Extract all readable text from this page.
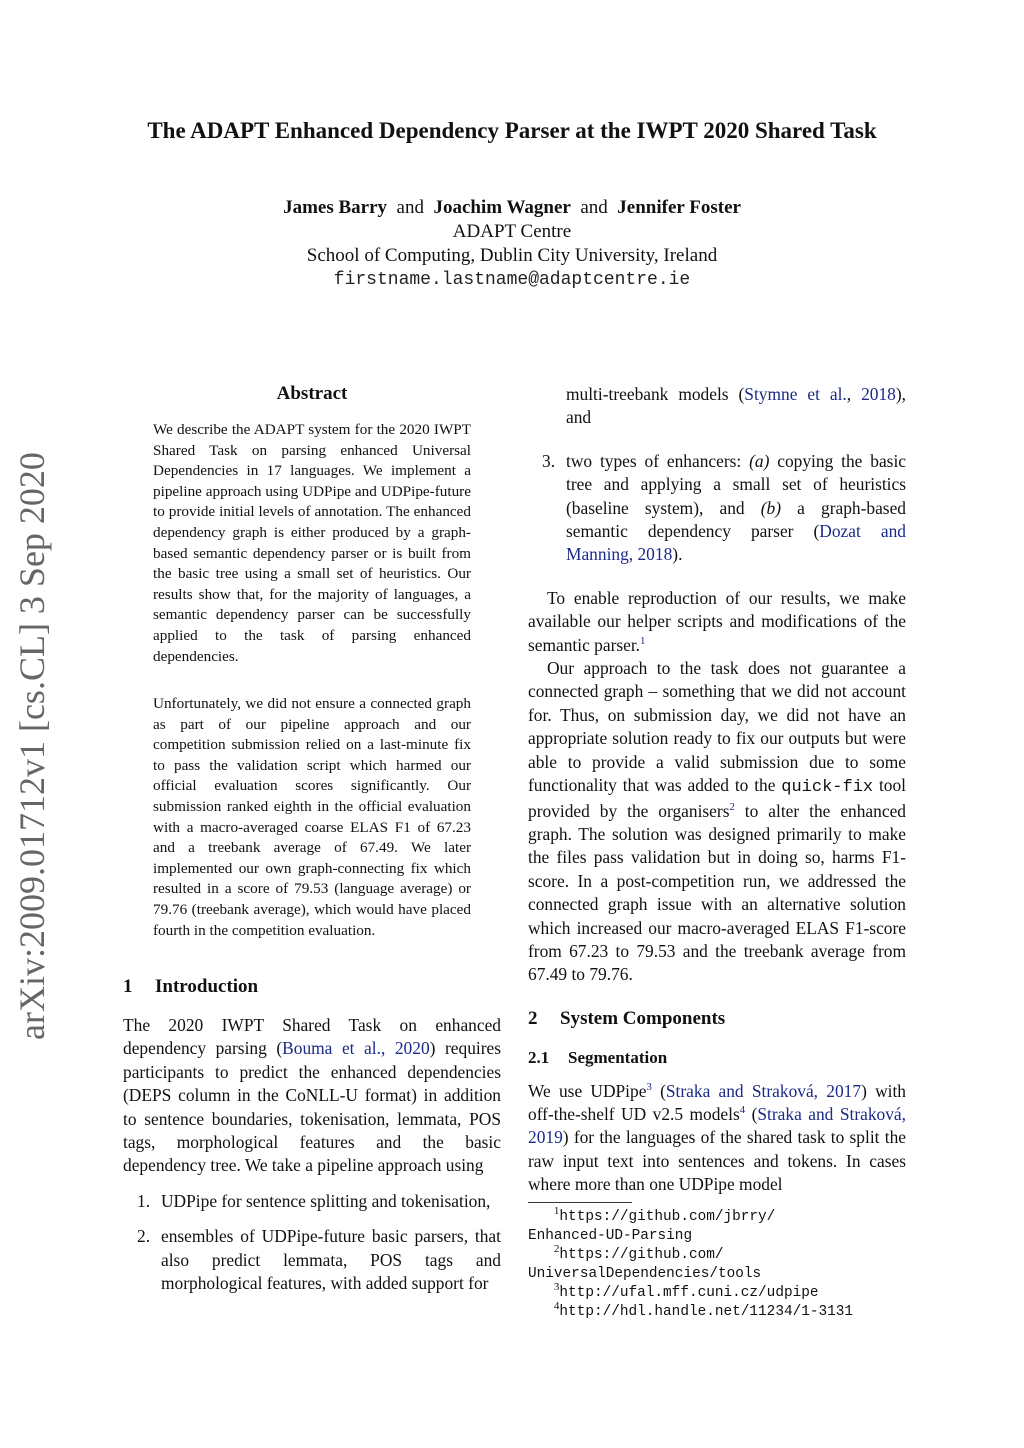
The ADAPT Enhanced Dependency Parser at the IWPT 2020 Shared Task
James Barry and Joachim Wagner and Jennifer Foster
ADAPT Centre
School of Computing, Dublin City University, Ireland
firstname.lastname@adaptcentre.ie
arXiv:2009.01712v1 [cs.CL] 3 Sep 2020
Abstract

We describe the ADAPT system for the 2020 IWPT Shared Task on parsing enhanced Universal Dependencies in 17 languages. We implement a pipeline approach using UDPipe and UDPipe-future to provide initial levels of annotation. The enhanced dependency graph is either produced by a graph-based semantic dependency parser or is built from the basic tree using a small set of heuristics. Our results show that, for the majority of languages, a semantic dependency parser can be successfully applied to the task of parsing enhanced dependencies.

Unfortunately, we did not ensure a connected graph as part of our pipeline approach and our competition submission relied on a last-minute fix to pass the validation script which harmed our official evaluation scores significantly. Our submission ranked eighth in the official evaluation with a macro-averaged coarse ELAS F1 of 67.23 and a treebank average of 67.49. We later implemented our own graph-connecting fix which resulted in a score of 79.53 (language average) or 79.76 (treebank average), which would have placed fourth in the competition evaluation.

1 Introduction

The 2020 IWPT Shared Task on enhanced dependency parsing (Bouma et al., 2020) requires participants to predict the enhanced dependencies (DEPS column in the CoNLL-U format) in addition to sentence boundaries, tokenisation, lemmata, POS tags, morphological features and the basic dependency tree. We take a pipeline approach using

1. UDPipe for sentence splitting and tokenisation,
2. ensembles of UDPipe-future basic parsers, that also predict lemmata, POS tags and morphological features, with added support for
multi-treebank models (Stymne et al., 2018), and
3. two types of enhancers: (a) copying the basic tree and applying a small set of heuristics (baseline system), and (b) a graph-based semantic dependency parser (Dozat and Manning, 2018).

To enable reproduction of our results, we make available our helper scripts and modifications of the semantic parser.$^1$

Our approach to the task does not guarantee a connected graph – something that we did not account for. Thus, on submission day, we did not have an appropriate solution ready to fix our outputs but were able to provide a valid submission due to some functionality that was added to the quick-fix tool provided by the organisers$^2$ to alter the enhanced graph. The solution was designed primarily to make the files pass validation but in doing so, harms F1-score. In a post-competition run, we addressed the connected graph issue with an alternative solution which increased our macro-averaged ELAS F1-score from 67.23 to 79.53 and the treebank average from 67.49 to 79.76.

2 System Components
2.1 Segmentation

We use UDPipe$^3$ (Straka and Straková, 2017) with off-the-shelf UD v2.5 models$^4$ (Straka and Straková, 2019) for the languages of the shared task to split the raw input text into sentences and tokens. In cases where more than one UDPipe model

$^1$https://github.com/jbrry/
Enhanced-UD-Parsing
$^2$https://github.com/
UniversalDependencies/tools
$^3$http://ufal.mff.cuni.cz/udpipe
$^4$http://hdl.handle.net/11234/1-3131
